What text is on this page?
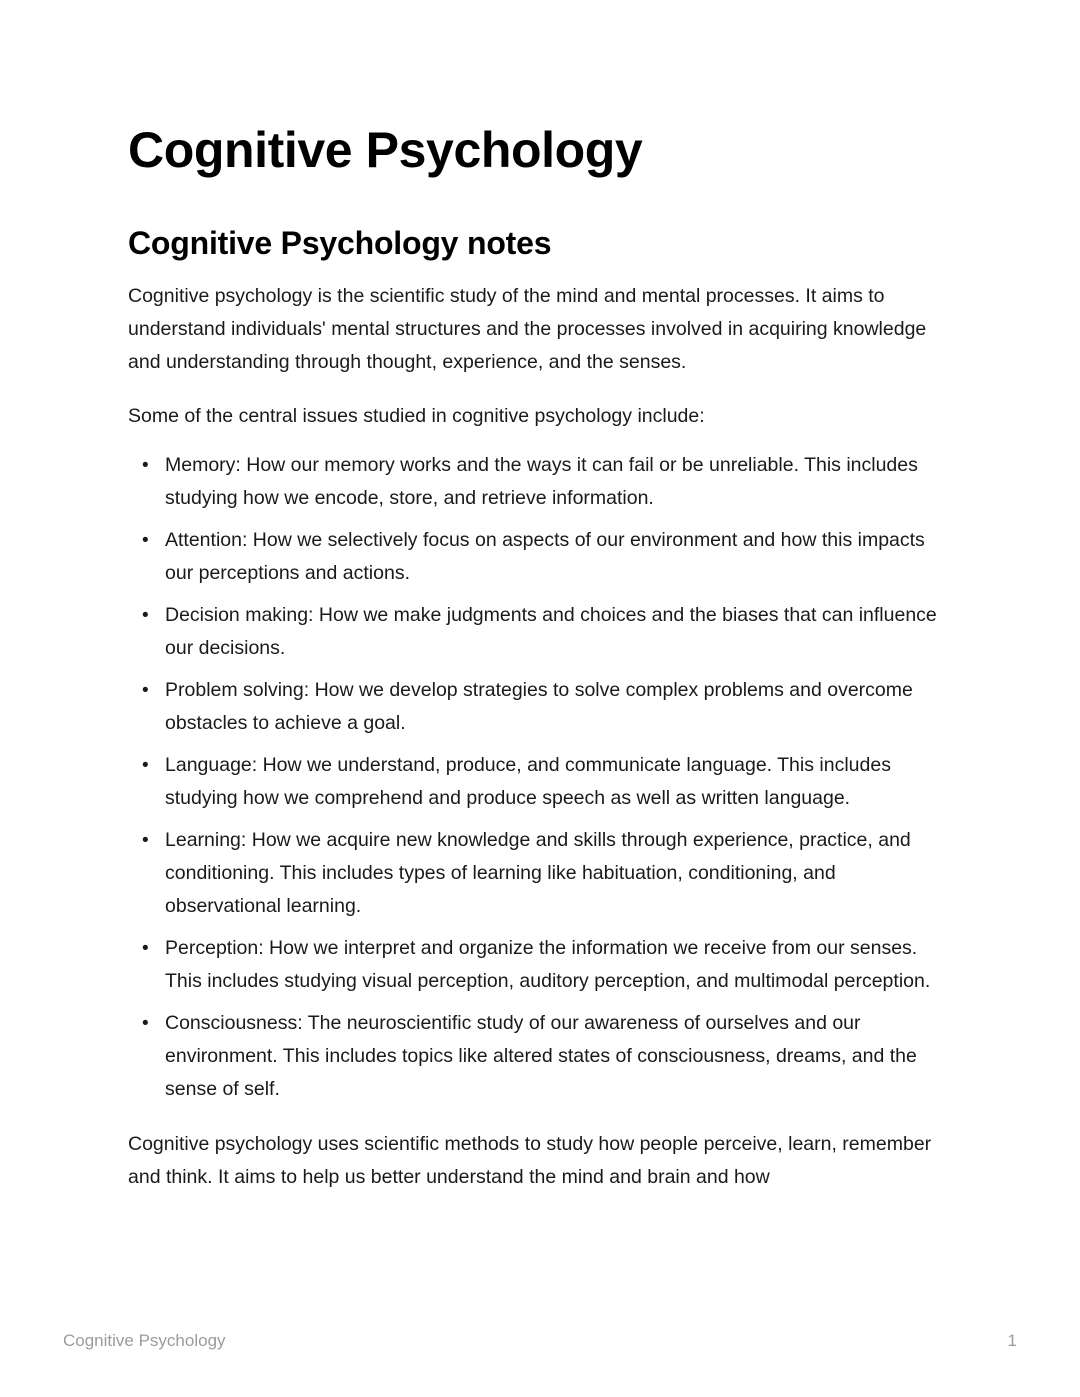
Cognitive Psychology
Cognitive Psychology notes

Cognitive psychology is the scientific study of the mind and mental processes. It aims to understand individuals' mental structures and the processes involved in acquiring knowledge and understanding through thought, experience, and the senses.

Some of the central issues studied in cognitive psychology include:

• Memory: How our memory works and the ways it can fail or be unreliable. This includes studying how we encode, store, and retrieve information.
• Attention: How we selectively focus on aspects of our environment and how this impacts our perceptions and actions.
• Decision making: How we make judgments and choices and the biases that can influence our decisions.
• Problem solving: How we develop strategies to solve complex problems and overcome obstacles to achieve a goal.
• Language: How we understand, produce, and communicate language. This includes studying how we comprehend and produce speech as well as written language.
• Learning: How we acquire new knowledge and skills through experience, practice, and conditioning. This includes types of learning like habituation, conditioning, and observational learning.
• Perception: How we interpret and organize the information we receive from our senses. This includes studying visual perception, auditory perception, and multimodal perception.
• Consciousness: The neuroscientific study of our awareness of ourselves and our environment. This includes topics like altered states of consciousness, dreams, and the sense of self.

Cognitive psychology uses scientific methods to study how people perceive, learn, remember and think. It aims to help us better understand the mind and brain and how

Cognitive Psychology	1
